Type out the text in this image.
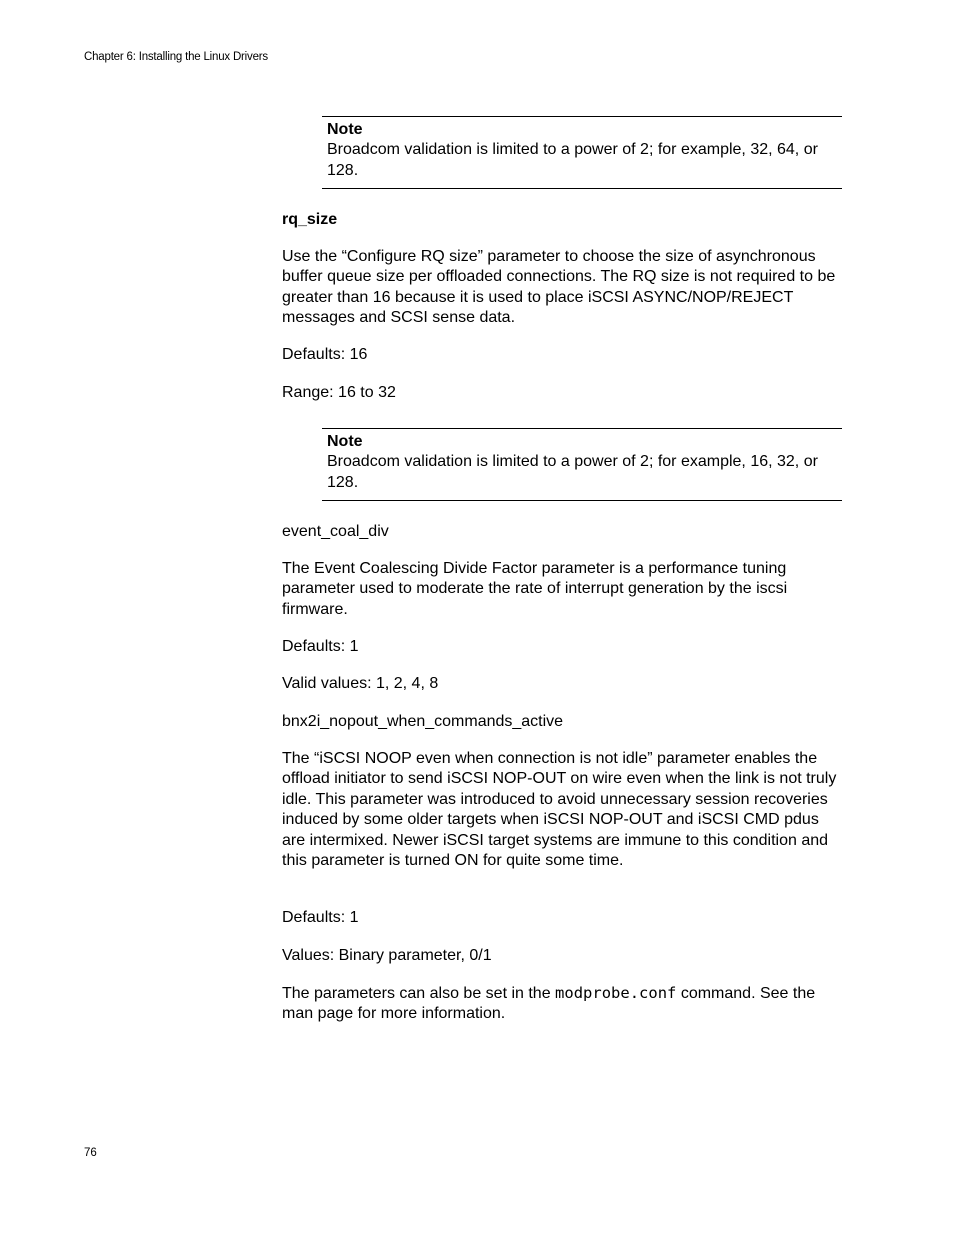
Chapter 6: Installing the Linux Drivers
Note
Broadcom validation is limited to a power of 2; for example, 32, 64, or 128.

rq_size

Use the “Configure RQ size” parameter to choose the size of asynchronous buffer queue size per offloaded connections. The RQ size is not required to be greater than 16 because it is used to place iSCSI ASYNC/NOP/REJECT messages and SCSI sense data.

Defaults: 16

Range: 16 to 32

Note
Broadcom validation is limited to a power of 2; for example, 16, 32, or 128.

event_coal_div

The Event Coalescing Divide Factor parameter is a performance tuning parameter used to moderate the rate of interrupt generation by the iscsi firmware.

Defaults: 1

Valid values: 1, 2, 4, 8

bnx2i_nopout_when_commands_active

The “iSCSI NOOP even when connection is not idle” parameter enables the offload initiator to send iSCSI NOP-OUT on wire even when the link is not truly idle. This parameter was introduced to avoid unnecessary session recoveries induced by some older targets when iSCSI NOP-OUT and iSCSI CMD pdus are intermixed. Newer iSCSI target systems are immune to this condition and this parameter is turned ON for quite some time.

Defaults: 1

Values: Binary parameter, 0/1

The parameters can also be set in the modprobe.conf command. See the man page for more information.

76
